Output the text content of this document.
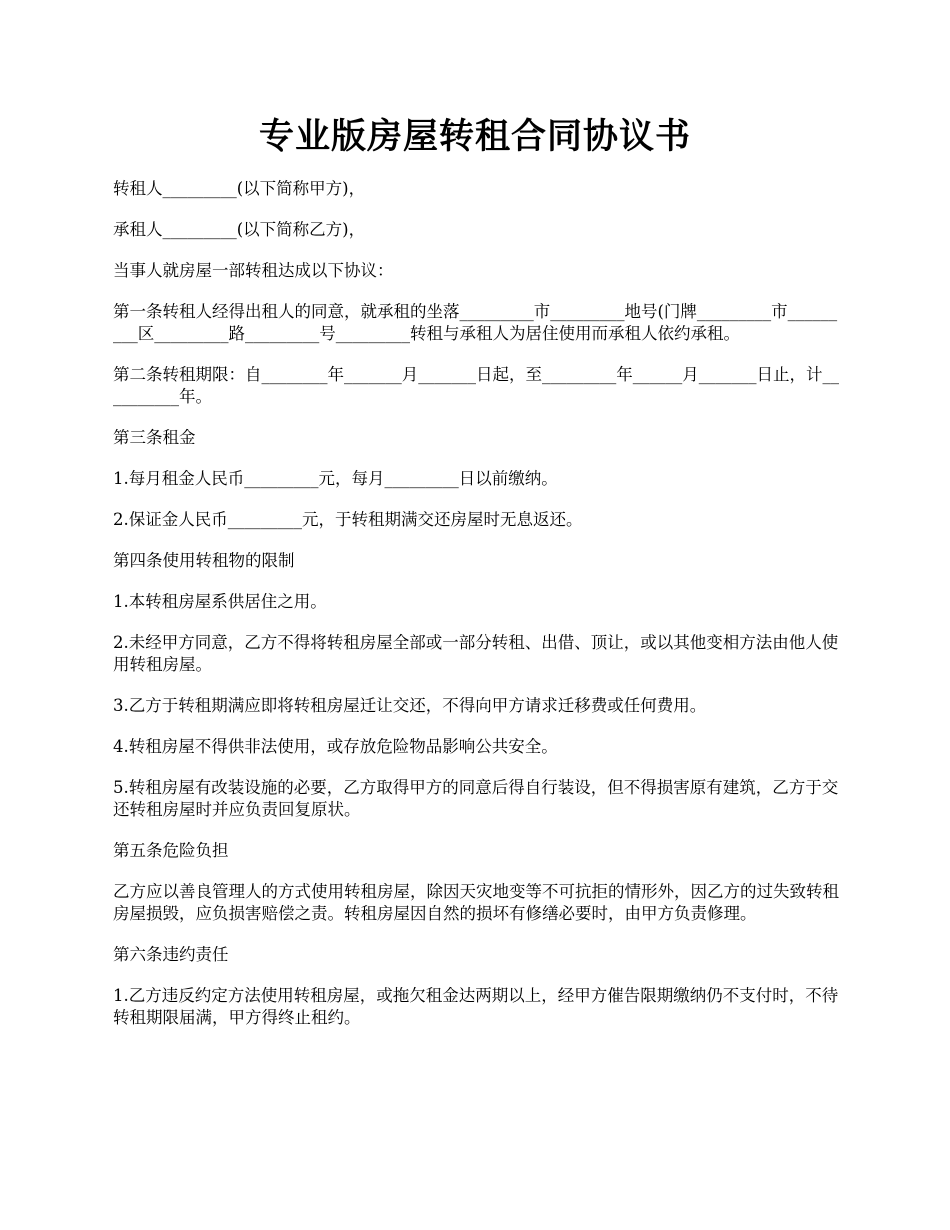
专业版房屋转租合同协议书

转租人_________(以下简称甲方)，

承租人_________(以下简称乙方)，

当事人就房屋一部转租达成以下协议：

第一条转租人经得出租人的同意，就承租的坐落_________市_________地号(门牌_________市_________区_________路_________号_________转租与承租人为居住使用而承租人依约承租。

第二条转租期限：自________年_______月_______日起，至_________年______月_______日止，计__________年。

第三条租金

1.每月租金人民币_________元，每月_________日以前缴纳。

2.保证金人民币_________元，于转租期满交还房屋时无息返还。

第四条使用转租物的限制

1.本转租房屋系供居住之用。

2.未经甲方同意，乙方不得将转租房屋全部或一部分转租、出借、顶让，或以其他变相方法由他人使用转租房屋。

3.乙方于转租期满应即将转租房屋迁让交还，不得向甲方请求迁移费或任何费用。

4.转租房屋不得供非法使用，或存放危险物品影响公共安全。

5.转租房屋有改装设施的必要，乙方取得甲方的同意后得自行装设，但不得损害原有建筑，乙方于交还转租房屋时并应负责回复原状。

第五条危险负担

乙方应以善良管理人的方式使用转租房屋，除因天灾地变等不可抗拒的情形外，因乙方的过失致转租房屋损毁，应负损害赔偿之责。转租房屋因自然的损坏有修缮必要时，由甲方负责修理。

第六条违约责任

1.乙方违反约定方法使用转租房屋，或拖欠租金达两期以上，经甲方催告限期缴纳仍不支付时，不待转租期限届满，甲方得终止租约。
